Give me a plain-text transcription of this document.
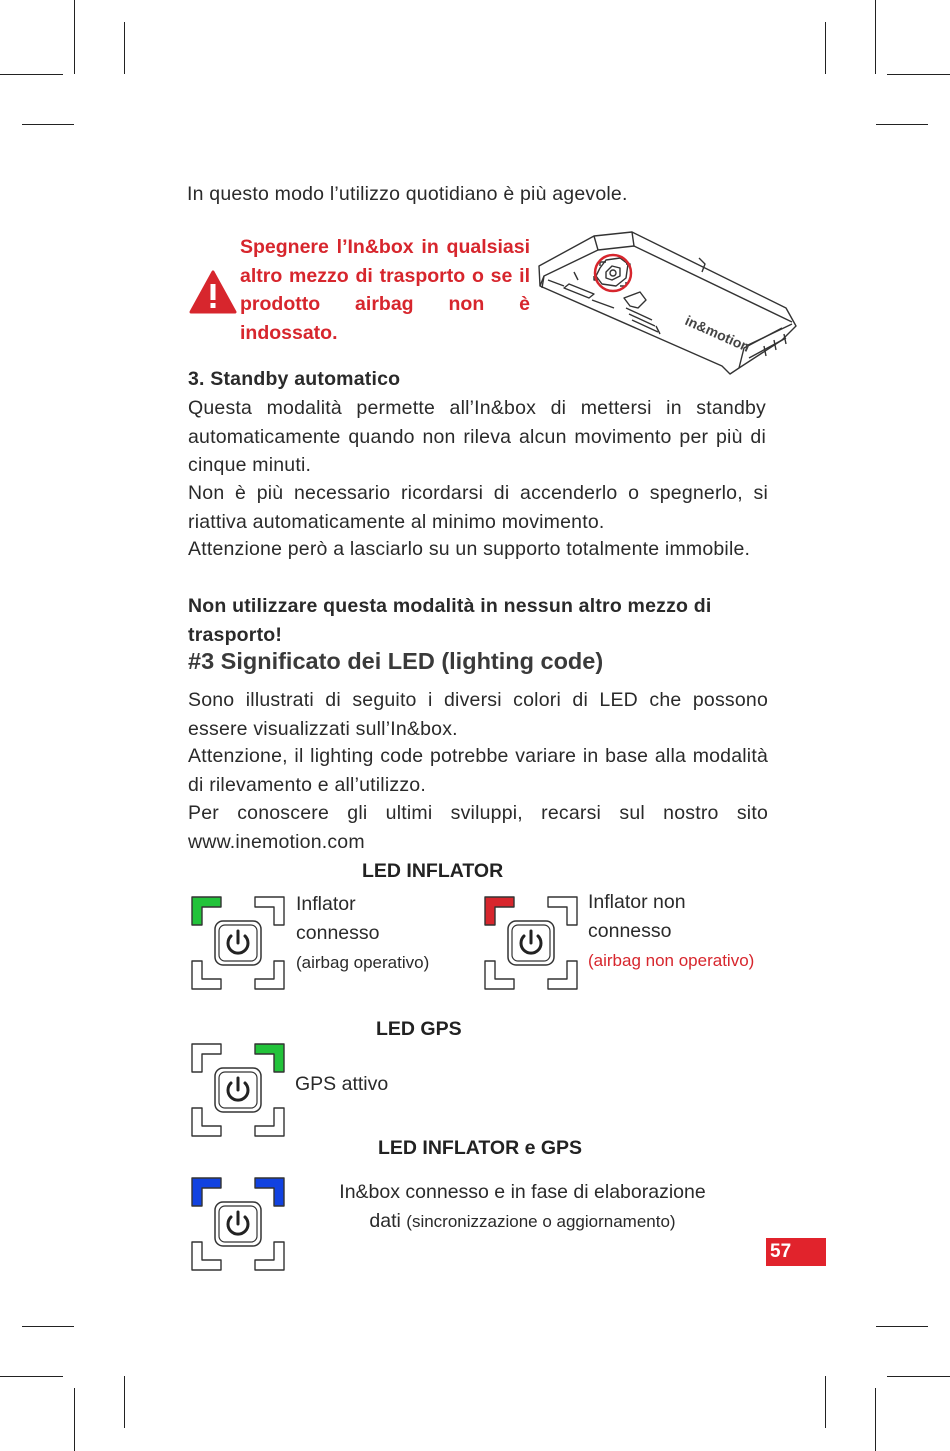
In questo modo l’utilizzo quotidiano è più agevole.
Spegnere l’In&box in qualsiasi altro mezzo di trasporto o se il prodotto airbag non è indossato.	in&motion
3. Standby automatico
Questa modalità permette all’In&box di mettersi in standby automaticamente quando non rileva alcun movimento per più di cinque minuti.
Non è più necessario ricordarsi di accenderlo o spegnerlo, si riattiva automaticamente al minimo movimento.
Attenzione però a lasciarlo su un supporto totalmente immobile.
Non utilizzare questa modalità in nessun altro mezzo di trasporto!
#3 Significato dei LED (lighting code)
Sono illustrati di seguito i diversi colori di LED che possono essere visualizzati sull’In&box.
Attenzione, il lighting code potrebbe variare in base alla modalità di rilevamento e all’utilizzo.
Per conoscere gli ultimi sviluppi, recarsi sul nostro sito www.inemotion.com
LED INFLATOR
Inflator
connesso
(airbag operativo)
Inflator non
connesso
(airbag non operativo)
LED GPS
GPS attivo
LED INFLATOR e GPS
In&box connesso e in fase di elaborazione
dati (sincronizzazione o aggiornamento)
57
